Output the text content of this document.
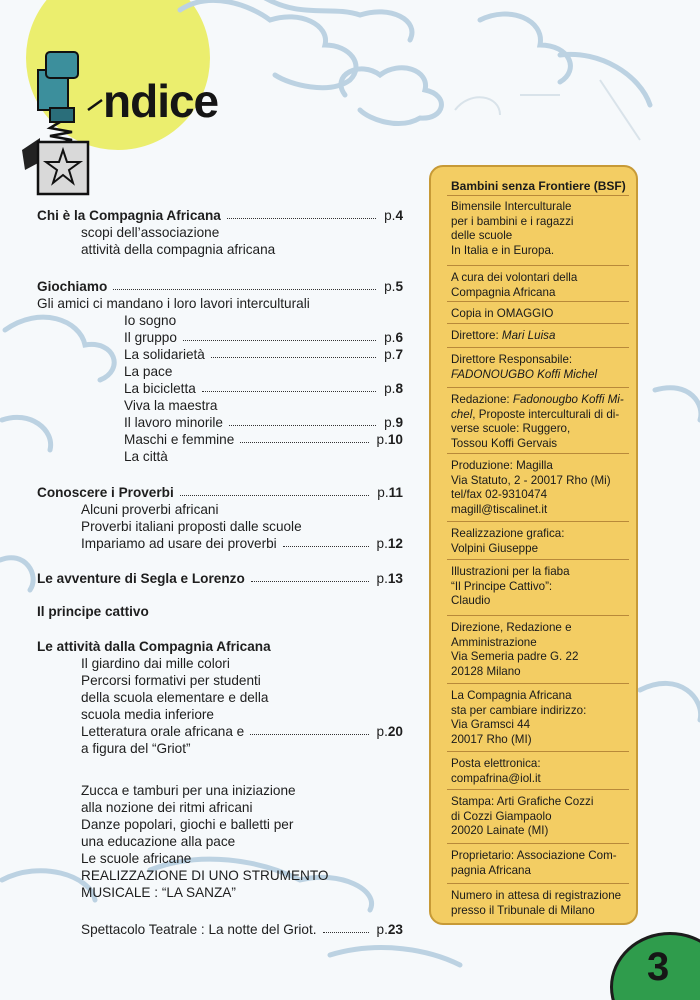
ndice
Chi è la Compagnia Africana	p.4
scopi dell’associazione
attività della compagnia africana
Giochiamo	p.5
Gli amici ci mandano i loro lavori interculturali
Io sogno
Il gruppo	p.6
La solidarietà	p.7
La pace
La bicicletta	p.8
Viva la maestra
Il lavoro minorile	p.9
Maschi e femmine	p.10
La città
Conoscere i Proverbi	p.11
Alcuni proverbi africani
Proverbi italiani proposti dalle scuole
Impariamo ad usare dei proverbi	p.12
Le avventure di Segla e Lorenzo	p.13
Il principe cattivo
Le attività dalla Compagnia Africana
Il giardino dai mille colori
Percorsi formativi per studenti
della scuola elementare e della
scuola media inferiore
Letteratura orale africana e	p.20
a figura del “Griot”
Zucca e tamburi per una iniziazione
alla nozione dei ritmi africani
Danze popolari, giochi e balletti per
una educazione alla pace
Le scuole africane
REALIZZAZIONE DI UNO STRUMENTO
MUSICALE : “LA SANZA”
Spettacolo Teatrale : La notte del Griot.	p.23
Bambini senza Frontiere (BSF)
Bimensile Interculturale
per i bambini e i ragazzi
delle scuole
In Italia e in Europa.
A cura dei volontari della
Compagnia Africana
Copia in OMAGGIO
Direttore: Mari Luisa
Direttore Responsabile:
FADONOUGBO Koffi Michel
Redazione: Fadonougbo Koffi Mi-
chel, Proposte interculturali di di-
verse scuole: Ruggero,
Tossou Koffi Gervais
Produzione: Magilla
Via Statuto, 2 - 20017 Rho (Mi)
tel/fax 02-9310474
magill@tiscalinet.it
Realizzazione grafica:
Volpini Giuseppe
Illustrazioni per la fiaba
“Il Principe Cattivo”:
Claudio
Direzione, Redazione e
Amministrazione
Via Semeria padre G. 22
20128 Milano
La Compagnia Africana
sta per cambiare indirizzo:
Via Gramsci 44
20017 Rho (MI)
Posta elettronica:
compafrina@iol.it
Stampa: Arti Grafiche Cozzi
di Cozzi Giampaolo
20020 Lainate (MI)
Proprietario: Associazione Com-
pagnia Africana
Numero in attesa di registrazione
presso il Tribunale di Milano
3
